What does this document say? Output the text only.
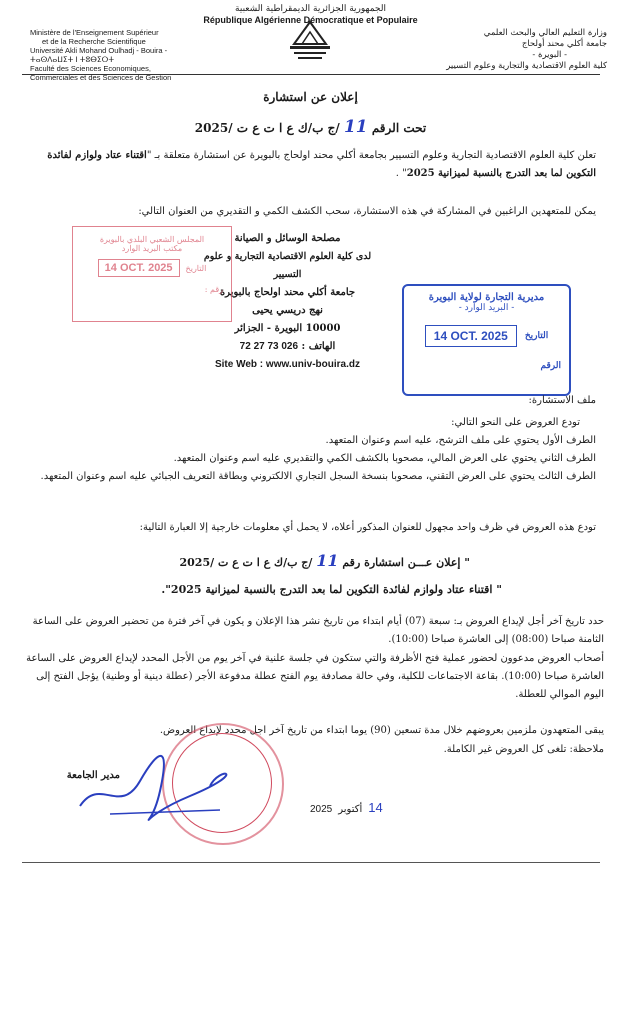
الجمهورية الجزائرية الديمقراطية الشعبية
République Algérienne Démocratique et Populaire
Ministère de l'Enseignement Supérieur
et de la Recherche Scientifique
Université Akli Mohand Oulhadj - Bouira -
ⵜⴰⵙⴷⴰⵡⵉⵜ ⵏ ⵜⵓⴱⵉⵔⵜ
Faculté des Sciences Economiques,
Commerciales et des Sciences de Gestion
وزارة التعليم العالي والبحث العلمي
جامعة أكلي محند أولحاج
- البويرة -
كلية العلوم الاقتصادية والتجارية وعلوم التسيير
إعلان عن استشارة
تحت الرقم 11 /ج ب/ك ع ا ت ع ت /2025
تعلن كلية العلوم الاقتصادية التجارية وعلوم التسيير بجامعة أكلي محند اولحاج بالبويرة عن استشارة متعلقة بـ "اقتناء عتاد ولوازم لفائدة التكوين لما بعد التدرج بالنسبة لميزانية 2025" .
يمكن للمتعهدين الراغبين في المشاركة في هذه الاستشارة، سحب الكشف الكمي و التقديري من العنوان التالي:
مصلحة الوسائل و الصيانة
لدى كلية العلوم الاقتصادية التجارية و علوم التسيير
جامعة أكلي محند اولحاج بالبويرة
نهج دريسي يحيى
10000 البويرة - الجزائر
الهاتف : 026 73 27 72
Site Web : www.univ-bouira.dz
المجلس الشعبي البلدي بالبويرة
مكتب البريد الوارد
14 OCT. 2025	التاريخ
رقم :
مديرية التجارة لولاية البويرة
- البريد الوارد -
14 OCT. 2025	التاريخ
الرقم
ملف الاستشارة:
تودع العروض على النحو التالي:
الطرف الأول يحتوي على ملف الترشح، عليه اسم وعنوان المتعهد.
الطرف الثاني يحتوي على العرض المالي، مصحوبا بالكشف الكمي والتقديري عليه اسم وعنوان المتعهد.
الطرف الثالث يحتوي على العرض التقني، مصحوبا بنسخة السجل التجاري الالكتروني وبطاقة التعريف الجبائي عليه اسم وعنوان المتعهد.
تودع هذه العروض في ظرف واحد مجهول للعنوان المذكور أعلاه، لا يحمل أي معلومات خارجية إلا العبارة التالية:
" إعلان عـــن استشارة رقم 11 /ج ب/ك ع ا ت ع ت /2025
" اقتناء عتاد ولوازم لفائدة التكوين لما بعد التدرج بالنسبة لميزانية 2025".
حدد تاريخ آخر أجل لإيداع العروض بـ: سبعة (07) أيام ابتداء من تاريخ نشر هذا الإعلان و يكون في آخر فترة من تحضير العروض على الساعة الثامنة صباحا (08:00) إلى العاشرة صباحا (10:00).
أصحاب العروض مدعوون لحضور عملية فتح الأظرفة والتي ستكون في جلسة علنية في آخر يوم من الأجل المحدد لإيداع العروض على الساعة العاشرة صباحا (10:00). بقاعة الاجتماعات للكلية، وفي حالة مصادفة يوم الفتح عطلة مدفوعة الأجر (عطلة دينية أو وطنية) يؤجل الفتح إلى اليوم الموالي للعطلة.
يبقى المتعهدون ملزمين بعروضهم خلال مدة تسعين (90) يوما ابتداء من تاريخ آخر اجل محدد لإيداع العروض.
ملاحظة: تلغى كل العروض غير الكاملة.
مدير الجامعة
2025 أكتوبر 14
